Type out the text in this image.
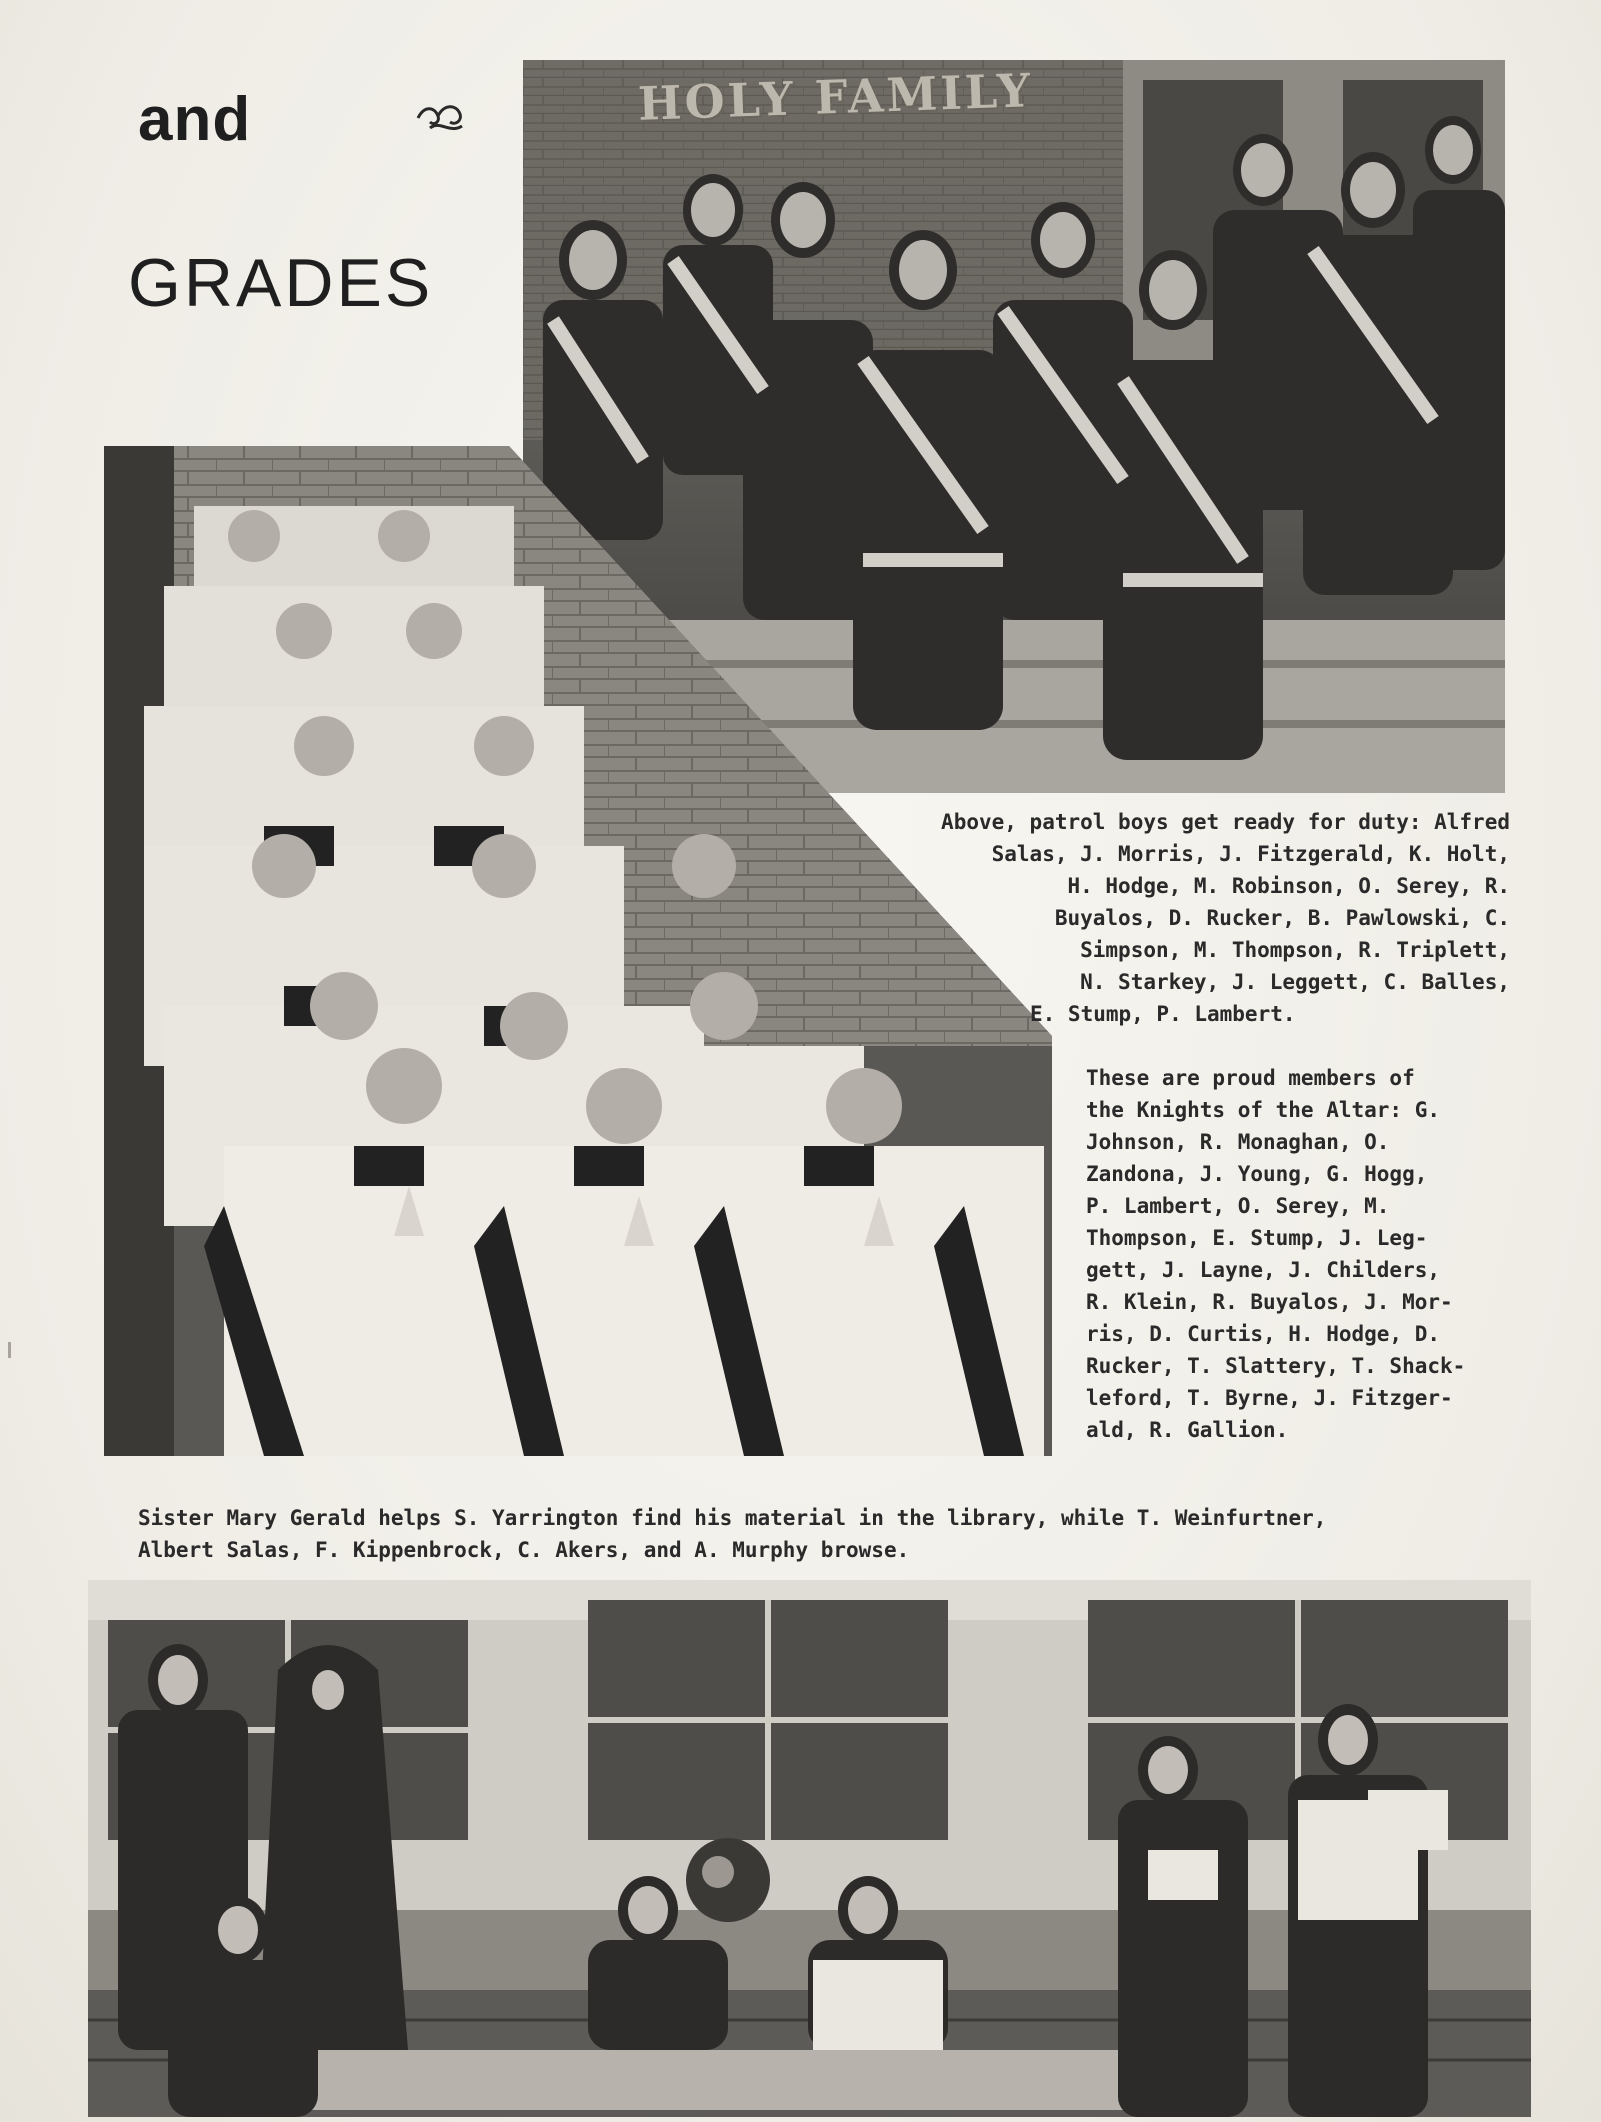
and
GRADES
HOLY FAMILY
Above, patrol boys get ready for duty: Alfred
Salas, J. Morris, J. Fitzgerald, K. Holt,
H. Hodge, M. Robinson, O. Serey, R.
Buyalos, D. Rucker, B. Pawlowski, C.
Simpson, M. Thompson, R. Triplett,
N. Starkey, J. Leggett, C. Balles,
E. Stump, P. Lambert.
These are proud members of
the Knights of the Altar: G.
Johnson, R. Monaghan, O.
Zandona, J. Young, G. Hogg,
P. Lambert, O. Serey, M.
Thompson, E. Stump, J. Leg-
gett, J. Layne, J. Childers,
R. Klein, R. Buyalos, J. Mor-
ris, D. Curtis, H. Hodge, D.
Rucker, T. Slattery, T. Shack-
leford, T. Byrne, J. Fitzger-
ald, R. Gallion.
Sister Mary Gerald helps S. Yarrington find his material in the library, while T. Weinfurtner,
Albert Salas, F. Kippenbrock, C. Akers, and A. Murphy browse.
